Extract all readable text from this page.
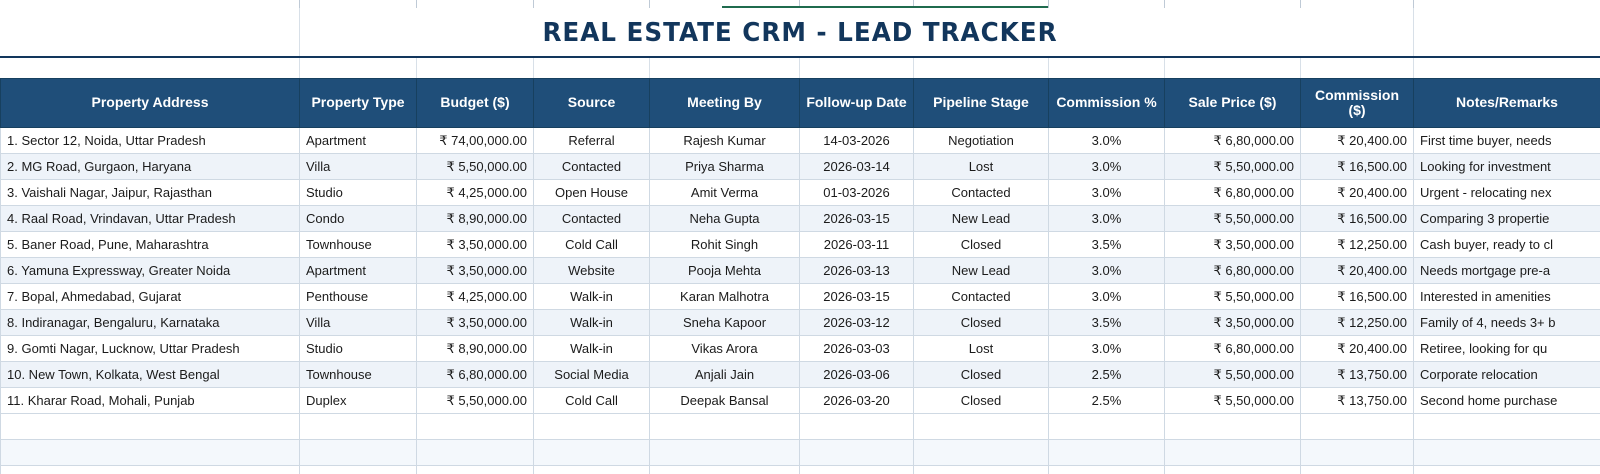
REAL ESTATE CRM - LEAD TRACKER
Property Address	Property Type	Budget ($)	Source	Meeting By	Follow-up Date	Pipeline Stage	Commission %	Sale Price ($)	Commission ($)	Notes/Remarks
1. Sector 12, Noida, Uttar Pradesh	Apartment	₹ 74,00,000.00	Referral	Rajesh Kumar	14-03-2026	Negotiation	3.0%	₹ 6,80,000.00	₹ 20,400.00	First time buyer, needs
2. MG Road, Gurgaon, Haryana	Villa	₹ 5,50,000.00	Contacted	Priya Sharma	2026-03-14	Lost	3.0%	₹ 5,50,000.00	₹ 16,500.00	Looking for investment
3. Vaishali Nagar, Jaipur, Rajasthan	Studio	₹ 4,25,000.00	Open House	Amit Verma	01-03-2026	Contacted	3.0%	₹ 6,80,000.00	₹ 20,400.00	Urgent - relocating nex
4. Raal Road, Vrindavan, Uttar Pradesh	Condo	₹ 8,90,000.00	Contacted	Neha Gupta	2026-03-15	New Lead	3.0%	₹ 5,50,000.00	₹ 16,500.00	Comparing 3 propertie
5. Baner Road, Pune, Maharashtra	Townhouse	₹ 3,50,000.00	Cold Call	Rohit Singh	2026-03-11	Closed	3.5%	₹ 3,50,000.00	₹ 12,250.00	Cash buyer, ready to cl
6. Yamuna Expressway, Greater Noida	Apartment	₹ 3,50,000.00	Website	Pooja Mehta	2026-03-13	New Lead	3.0%	₹ 6,80,000.00	₹ 20,400.00	Needs mortgage pre-a
7. Bopal, Ahmedabad, Gujarat	Penthouse	₹ 4,25,000.00	Walk-in	Karan Malhotra	2026-03-15	Contacted	3.0%	₹ 5,50,000.00	₹ 16,500.00	Interested in amenities
8. Indiranagar, Bengaluru, Karnataka	Villa	₹ 3,50,000.00	Walk-in	Sneha Kapoor	2026-03-12	Closed	3.5%	₹ 3,50,000.00	₹ 12,250.00	Family of 4, needs 3+ b
9. Gomti Nagar, Lucknow, Uttar Pradesh	Studio	₹ 8,90,000.00	Walk-in	Vikas Arora	2026-03-03	Lost	3.0%	₹ 6,80,000.00	₹ 20,400.00	Retiree, looking for qu
10. New Town, Kolkata, West Bengal	Townhouse	₹ 6,80,000.00	Social Media	Anjali Jain	2026-03-06	Closed	2.5%	₹ 5,50,000.00	₹ 13,750.00	Corporate relocation
11. Kharar Road, Mohali, Punjab	Duplex	₹ 5,50,000.00	Cold Call	Deepak Bansal	2026-03-20	Closed	2.5%	₹ 5,50,000.00	₹ 13,750.00	Second home purchase
